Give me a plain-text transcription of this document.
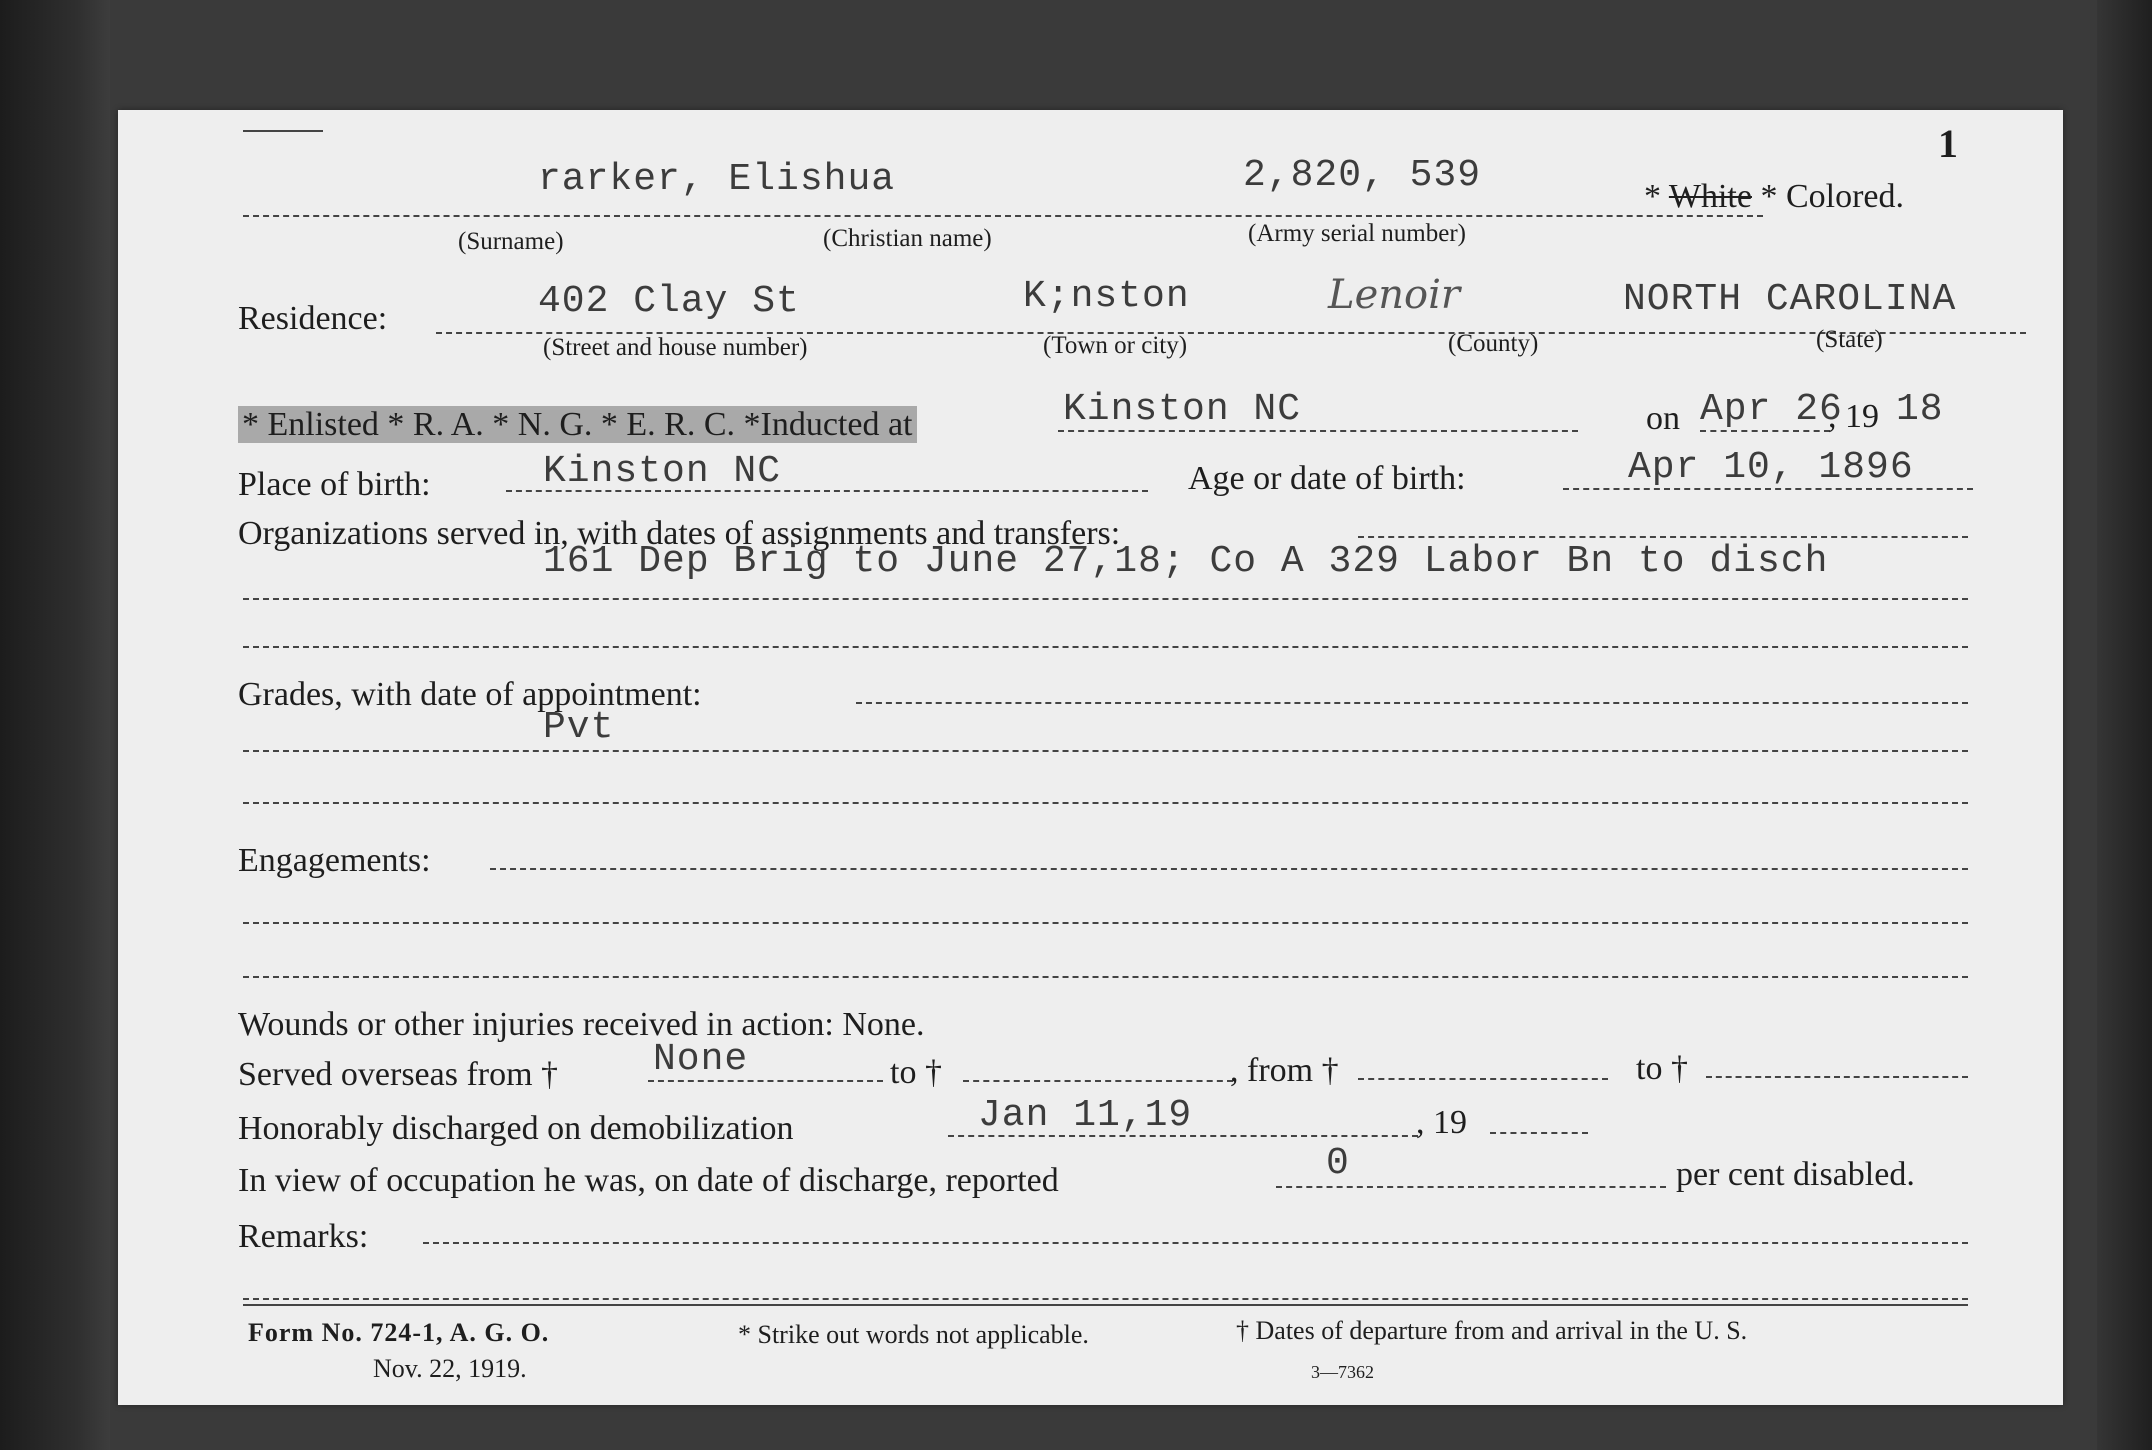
1
rarker, Elishua	2,820, 539	* White * Colored.
(Surname)	(Christian name)	(Army serial number)
Residence:	402 Clay St	K;nston	Lenoir	NORTH CAROLINA
(Street and house number)	(Town or city)	(County)	(State)
* Enlisted * R. A. * N. G. * E. R. C. *Inducted at	Kinston NC	on Apr 26
, 19 18
Place of birth:	Kinston NC	Age or date of birth:	Apr 10, 1896
Organizations served in, with dates of assignments and transfers:
161 Dep Brig to June 27,18; Co A 329 Labor Bn to disch
Grades, with date of appointment:
Pvt
Engagements:
Wounds or other injuries received in action: None.
Served overseas from † None	to †	, from †	to †
Honorably discharged on demobilization	Jan 11,19	, 19
In view of occupation he was, on date of discharge, reported	0	per cent disabled.
Remarks:
Form No. 724-1, A. G. O.
Nov. 22, 1919.
* Strike out words not applicable.	† Dates of departure from and arrival in the U. S.
3—7362
